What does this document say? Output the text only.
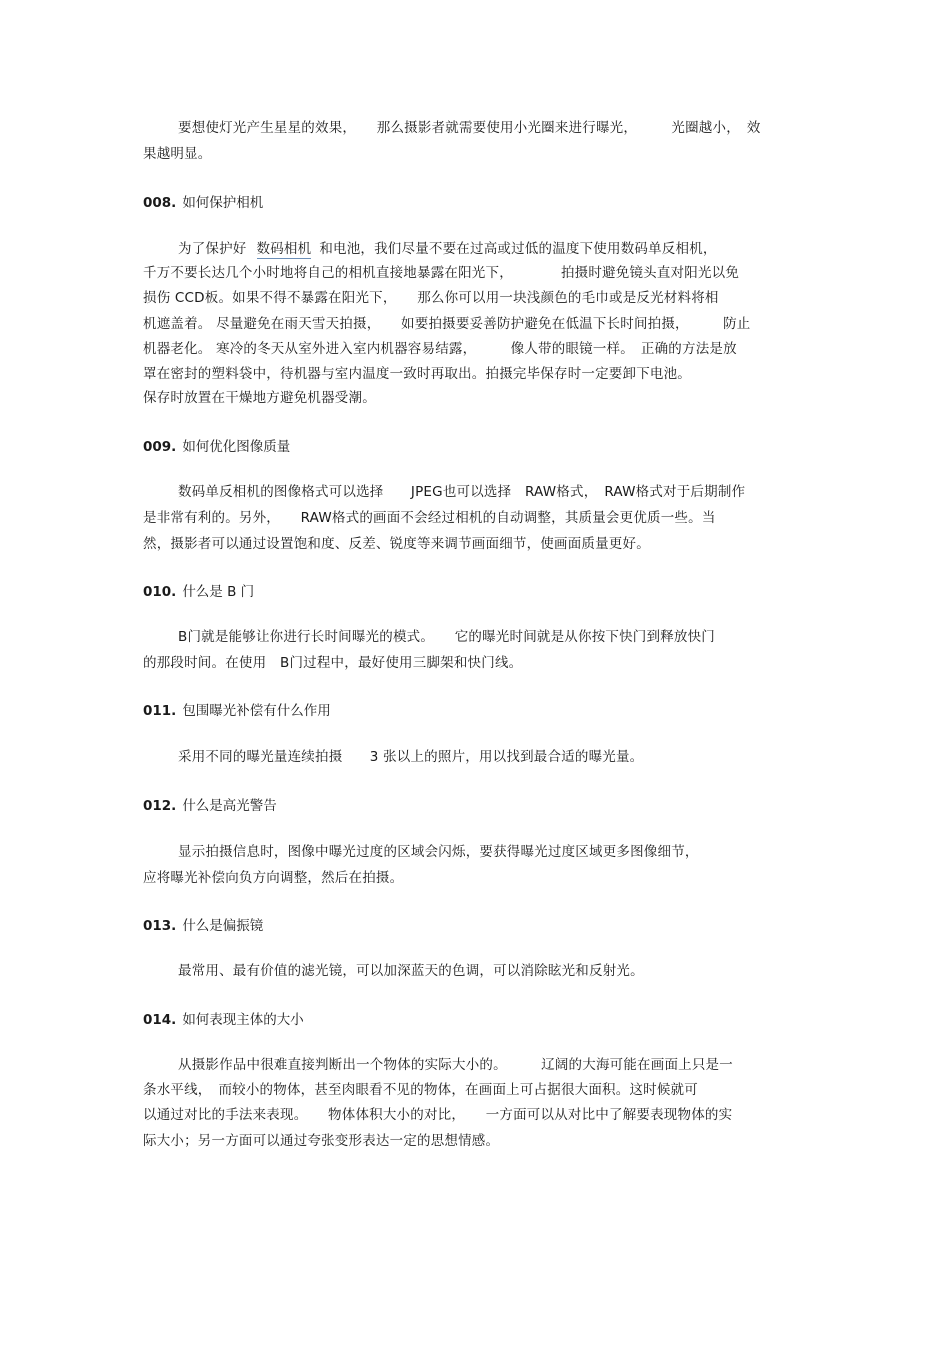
要想使灯光产生星星的效果，　　那么摄影者就需要使用小光圈来进行曝光，　　　光圈越小，　效
果越明显。
008. 如何保护相机
为了保护好 数码相机 和电池，我们尽量不要在过高或过低的温度下使用数码单反相机，
千万不要长达几个小时地将自己的相机直接地暴露在阳光下，　　　　拍摄时避免镜头直对阳光以免
损伤 CCD板。如果不得不暴露在阳光下，　　那么你可以用一块浅颜色的毛巾或是反光材料将相
机遮盖着。 尽量避免在雨天雪天拍摄，　　如要拍摄要妥善防护避免在低温下长时间拍摄，　　　防止
机器老化。 寒冷的冬天从室外进入室内机器容易结露，　　　像人带的眼镜一样。　正确的方法是放
罩在密封的塑料袋中，待机器与室内温度一致时再取出。拍摄完毕保存时一定要卸下电池。
保存时放置在干燥地方避免机器受潮。
009. 如何优化图像质量
数码单反相机的图像格式可以选择　　JPEG也可以选择　RAW格式，　RAW格式对于后期制作
是非常有利的。另外，　　RAW格式的画面不会经过相机的自动调整，其质量会更优质一些。当
然，摄影者可以通过设置饱和度、反差、锐度等来调节画面细节，使画面质量更好。
010. 什么是 B 门
B门就是能够让你进行长时间曝光的模式。　　它的曝光时间就是从你按下快门到释放快门
的那段时间。在使用　B门过程中，最好使用三脚架和快门线。
011. 包围曝光补偿有什么作用
采用不同的曝光量连续拍摄　　3 张以上的照片，用以找到最合适的曝光量。
012. 什么是高光警告
显示拍摄信息时，图像中曝光过度的区域会闪烁，要获得曝光过度区域更多图像细节，
应将曝光补偿向负方向调整，然后在拍摄。
013. 什么是偏振镜
最常用、最有价值的滤光镜，可以加深蓝天的色调，可以消除眩光和反射光。
014. 如何表现主体的大小
从摄影作品中很难直接判断出一个物体的实际大小的。　　　辽阔的大海可能在画面上只是一
条水平线，　而较小的物体，甚至肉眼看不见的物体，在画面上可占据很大面积。这时候就可
以通过对比的手法来表现。　　物体体积大小的对比，　　一方面可以从对比中了解要表现物体的实
际大小；另一方面可以通过夸张变形表达一定的思想情感。
